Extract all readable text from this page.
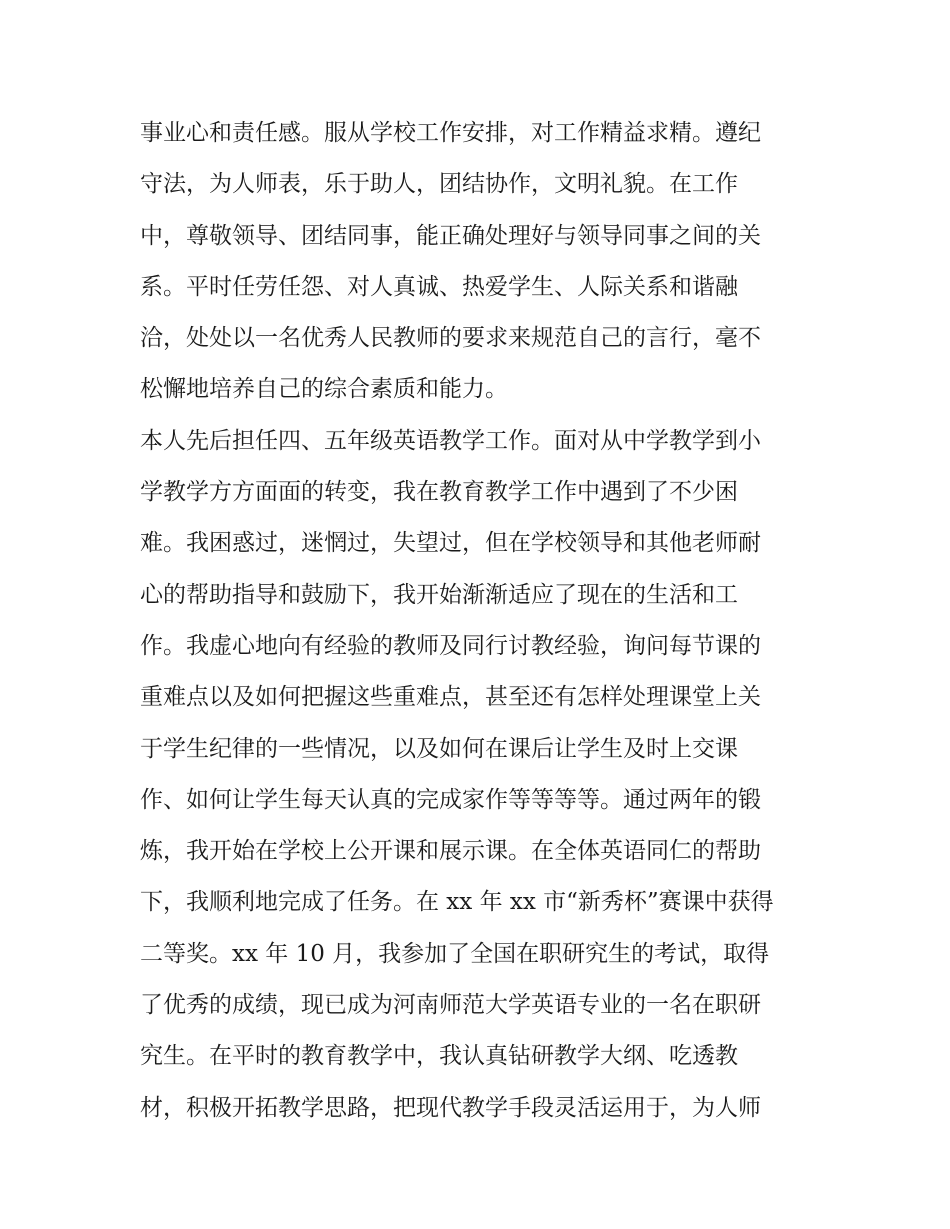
事业心和责任感。服从学校工作安排，对工作精益求精。遵纪
守法，为人师表，乐于助人，团结协作，文明礼貌。在工作
中，尊敬领导、团结同事，能正确处理好与领导同事之间的关
系。平时任劳任怨、对人真诚、热爱学生、人际关系和谐融
洽，处处以一名优秀人民教师的要求来规范自己的言行，毫不
松懈地培养自己的综合素质和能力。
本人先后担任四、五年级英语教学工作。面对从中学教学到小
学教学方方面面的转变，我在教育教学工作中遇到了不少困
难。我困惑过，迷惘过，失望过，但在学校领导和其他老师耐
心的帮助指导和鼓励下，我开始渐渐适应了现在的生活和工
作。我虚心地向有经验的教师及同行讨教经验，询问每节课的
重难点以及如何把握这些重难点，甚至还有怎样处理课堂上关
于学生纪律的一些情况，以及如何在课后让学生及时上交课
作、如何让学生每天认真的完成家作等等等等。通过两年的锻
炼，我开始在学校上公开课和展示课。在全体英语同仁的帮助
下，我顺利地完成了任务。在 xx 年 xx 市“新秀杯”赛课中获得
二等奖。xx 年 10 月，我参加了全国在职研究生的考试，取得
了优秀的成绩，现已成为河南师范大学英语专业的一名在职研
究生。在平时的教育教学中，我认真钻研教学大纲、吃透教
材，积极开拓教学思路，把现代教学手段灵活运用于，为人师
